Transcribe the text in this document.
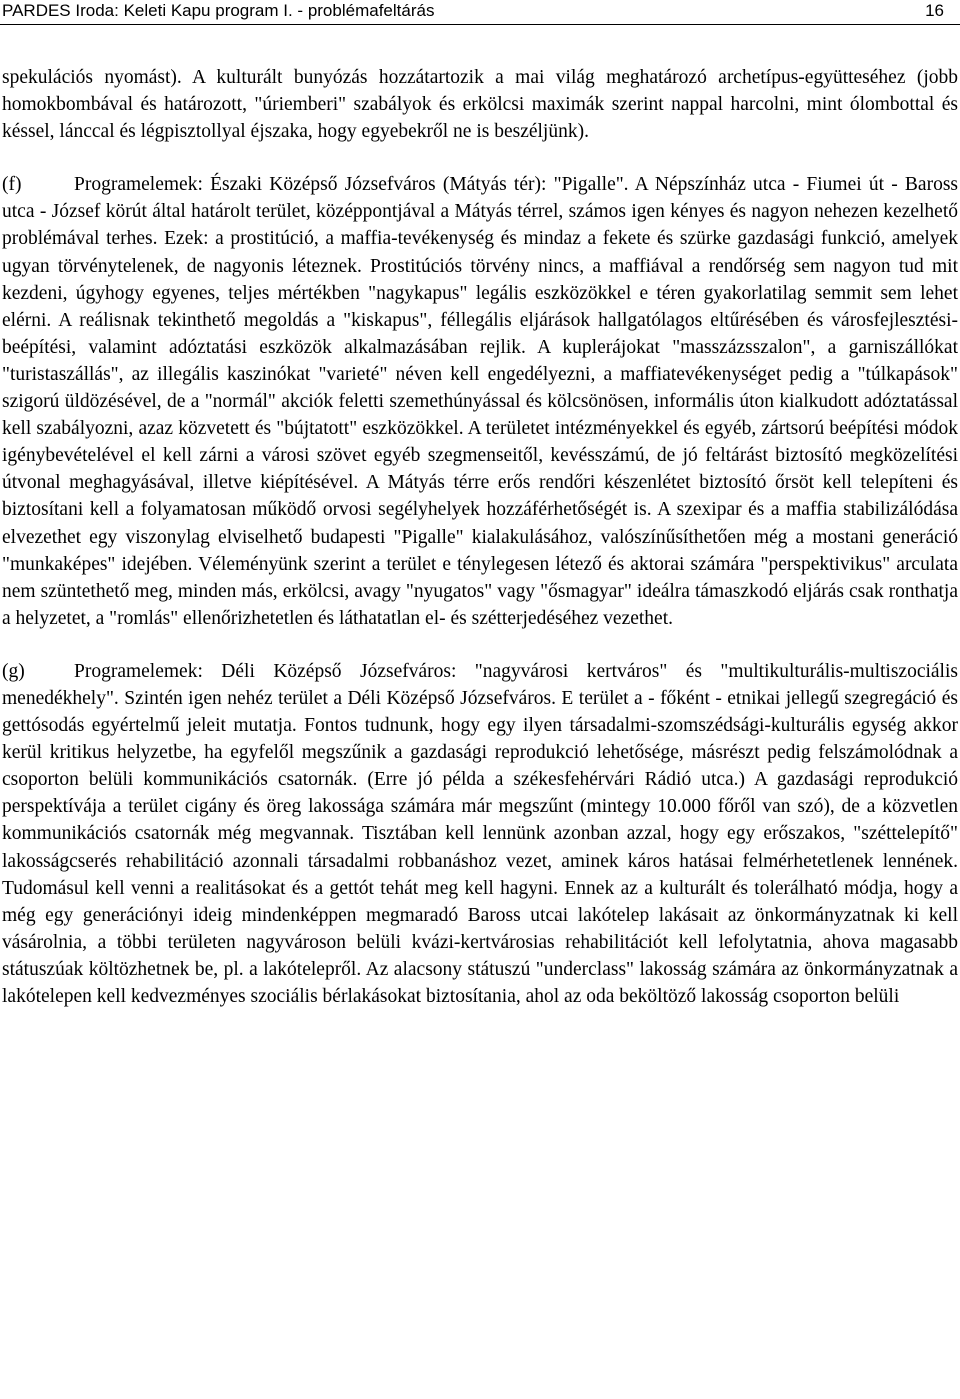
PARDES Iroda: Keleti Kapu program I. - problémafeltárás	16

spekulációs nyomást). A kulturált bunyózás hozzátartozik a mai világ meghatározó archetípus-együtteséhez (jobb homokbombával és határozott, "úriemberi" szabályok és erkölcsi maximák szerint nappal harcolni, mint ólombottal és késsel, lánccal és légpisztollyal éjszaka, hogy egyebekről ne is beszéljünk).

(f)	Programelemek: Északi Középső Józsefváros (Mátyás tér): "Pigalle". A Népszínház utca - Fiumei út - Baross utca - József körút által határolt terület, középpontjával a Mátyás térrel, számos igen kényes és nagyon nehezen kezelhető problémával terhes. Ezek: a prostitúció, a maffia-tevékenység és mindaz a fekete és szürke gazdasági funkció, amelyek ugyan törvénytelenek, de nagyonis léteznek. Prostitúciós törvény nincs, a maffiával a rendőrség sem nagyon tud mit kezdeni, úgyhogy egyenes, teljes mértékben "nagykapus" legális eszközökkel e téren gyakorlatilag semmit sem lehet elérni. A reálisnak tekinthető megoldás a "kiskapus", féllegális eljárások hallgatólagos eltűrésében és városfejlesztési-beépítési, valamint adóztatási eszközök alkalmazásában rejlik. A kuplerájokat "masszázsszalon", a garniszállókat "turistaszállás", az illegális kaszinókat "varieté" néven kell engedélyezni, a maffiatevékenységet pedig a "túlkapások" szigorú üldözésével, de a "normál" akciók feletti szemethúnyással és kölcsönösen, informális úton kialkudott adóztatással kell szabályozni, azaz közvetett és "bújtatott" eszközökkel. A területet intézményekkel és egyéb, zártsorú beépítési módok igénybevételével el kell zárni a városi szövet egyéb szegmenseitől, kevésszámú, de jó feltárást biztosító megközelítési útvonal meghagyásával, illetve kiépítésével. A Mátyás térre erős rendőri készenlétet biztosító őrsöt kell telepíteni és biztosítani kell a folyamatosan működő orvosi segélyhelyek hozzáférhetőségét is. A szexipar és a maffia stabilizálódása elvezethet egy viszonylag elviselhető budapesti "Pigalle" kialakulásához, valószínűsíthetően még a mostani generáció "munkaképes" idejében. Véleményünk szerint a terület e ténylegesen létező és aktorai számára "perspektivikus" arculata nem szüntethető meg, minden más, erkölcsi, avagy "nyugatos" vagy "ősmagyar" ideálra támaszkodó eljárás csak ronthatja a helyzetet, a "romlás" ellenőrizhetetlen és láthatatlan el- és szétterjedéséhez vezethet.

(g)	Programelemek: Déli Középső Józsefváros: "nagyvárosi kertváros" és "multikulturális-multiszociális menedékhely". Szintén igen nehéz terület a Déli Középső Józsefváros. E terület a - főként - etnikai jellegű szegregáció és gettósodás egyértelmű jeleit mutatja. Fontos tudnunk, hogy egy ilyen társadalmi-szomszédsági-kulturális egység akkor kerül kritikus helyzetbe, ha egyfelől megszűnik a gazdasági reprodukció lehetősége, másrészt pedig felszámolódnak a csoporton belüli kommunikációs csatornák. (Erre jó példa a székesfehérvári Rádió utca.) A gazdasági reprodukció perspektívája a terület cigány és öreg lakossága számára már megszűnt (mintegy 10.000 főről van szó), de a közvetlen kommunikációs csatornák még megvannak. Tisztában kell lennünk azonban azzal, hogy egy erőszakos, "széttelepítő" lakosságcserés rehabilitáció azonnali társadalmi robbanáshoz vezet, aminek káros hatásai felmérhetetlenek lennének. Tudomásul kell venni a realitásokat és a gettót tehát meg kell hagyni. Ennek az a kulturált és tolerálható módja, hogy a még egy generációnyi ideig mindenképpen megmaradó Baross utcai lakótelep lakásait az önkormányzatnak ki kell vásárolnia, a többi területen nagyvároson belüli kvázi-kertvárosias rehabilitációt kell lefolytatnia, ahova magasabb státuszúak költözhetnek be, pl. a lakótelepről. Az alacsony státuszú "underclass" lakosság számára az önkormányzatnak a lakótelepen kell kedvezményes szociális bérlakásokat biztosítania, ahol az oda beköltöző lakosság csoporton belüli
